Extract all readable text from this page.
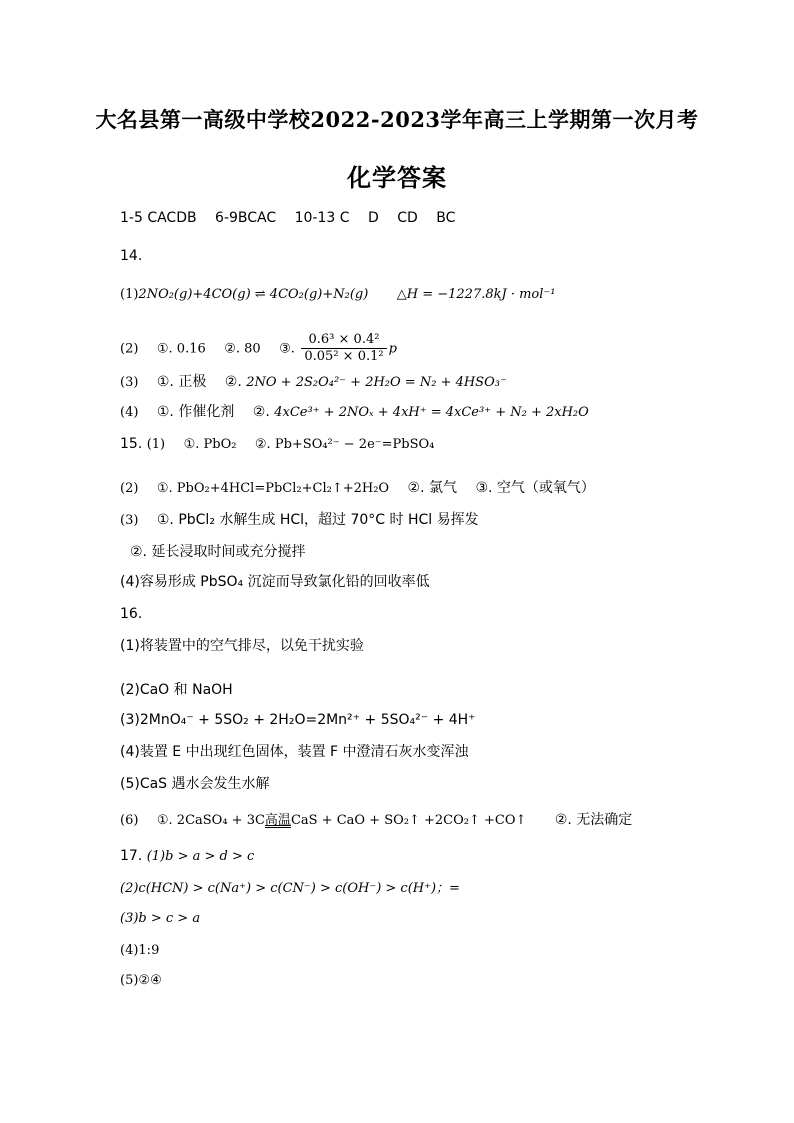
大名县第一高级中学校2022-2023学年高三上学期第一次月考
化学答案
1-5 CACDB 6-9BCAC 10-13 C D CD BC
14.
(1)2NO₂(g)+4CO(g) ⇌ 4CO₂(g)+N₂(g) △H = −1227.8kJ · mol⁻¹
(2) ①. 0.16 ②. 80 ③. $\frac{\text{0.6³ × 0.4²}}{\text{0.05² × 0.1²}}$ p
(3) ①. 正极 ②. 2NO + 2S₂O₄²⁻ + 2H₂O = N₂ + 4HSO₃⁻
(4) ①. 作催化剂 ②. 4xCe³⁺ + 2NOₓ + 4xH⁺ = 4xCe³⁺ + N₂ + 2xH₂O
15. (1) ①. PbO₂ ②. Pb+SO₄²⁻ − 2e⁻=PbSO₄
(2) ①. PbO₂+4HCl=PbCl₂+Cl₂↑+2H₂O ②. 氯气 ③. 空气（或氧气）
(3) ①. PbCl₂ 水解生成 HCl，超过 70°C 时 HCl 易挥发
②. 延长浸取时间或充分搅拌
(4)容易形成 PbSO₄ 沉淀而导致氯化铅的回收率低
16.
(1)将装置中的空气排尽，以免干扰实验
(2)CaO 和 NaOH
(3)2MnO₄⁻ + 5SO₂ + 2H₂O=2Mn²⁺ + 5SO₄²⁻ + 4H⁺
(4)装置 E 中出现红色固体，装置 F 中澄清石灰水变浑浊
(5)CaS 遇水会发生水解
(6) ①. 2CaSO₄ + 3C高温CaS + CaO + SO₂↑ +2CO₂↑ +CO↑ ②. 无法确定
17. (1)b > a > d > c
(2)c(HCN) > c(Na⁺) > c(CN⁻) > c(OH⁻) > c(H⁺)；=
(3)b > c > a
(4)1:9
(5)②④
